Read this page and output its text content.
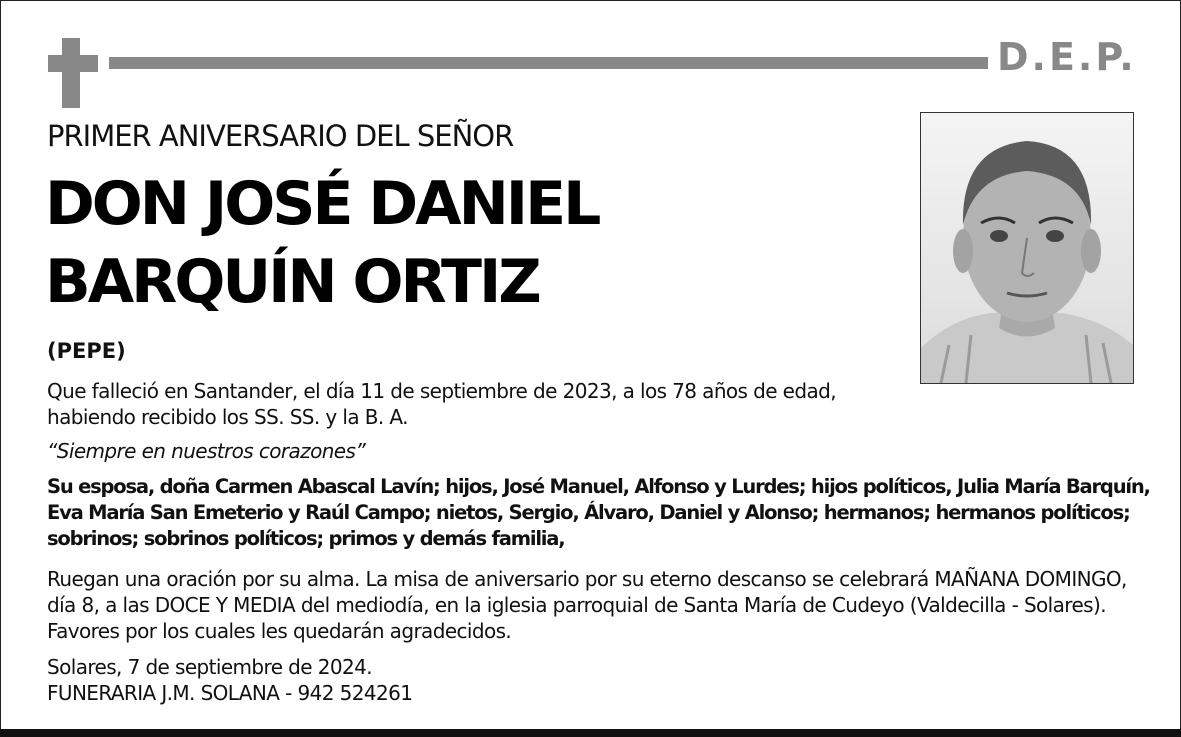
D.E.P.
PRIMER ANIVERSARIO DEL SEÑOR
DON JOSÉ DANIEL
BARQUÍN ORTIZ
(PEPE)
Que falleció en Santander, el día 11 de septiembre de 2023, a los 78 años de edad,
habiendo recibido los SS. SS. y la B. A.
“Siempre en nuestros corazones”
Su esposa, doña Carmen Abascal Lavín; hijos, José Manuel, Alfonso y Lurdes; hijos políticos, Julia María Barquín,
Eva María San Emeterio y Raúl Campo; nietos, Sergio, Álvaro, Daniel y Alonso; hermanos; hermanos políticos;
sobrinos; sobrinos políticos; primos y demás familia,
Ruegan una oración por su alma. La misa de aniversario por su eterno descanso se celebrará MAÑANA DOMINGO,
día 8, a las DOCE Y MEDIA del mediodía, en la iglesia parroquial de Santa María de Cudeyo (Valdecilla - Solares).
Favores por los cuales les quedarán agradecidos.
Solares, 7 de septiembre de 2024.
FUNERARIA J.M. SOLANA - 942 524261
